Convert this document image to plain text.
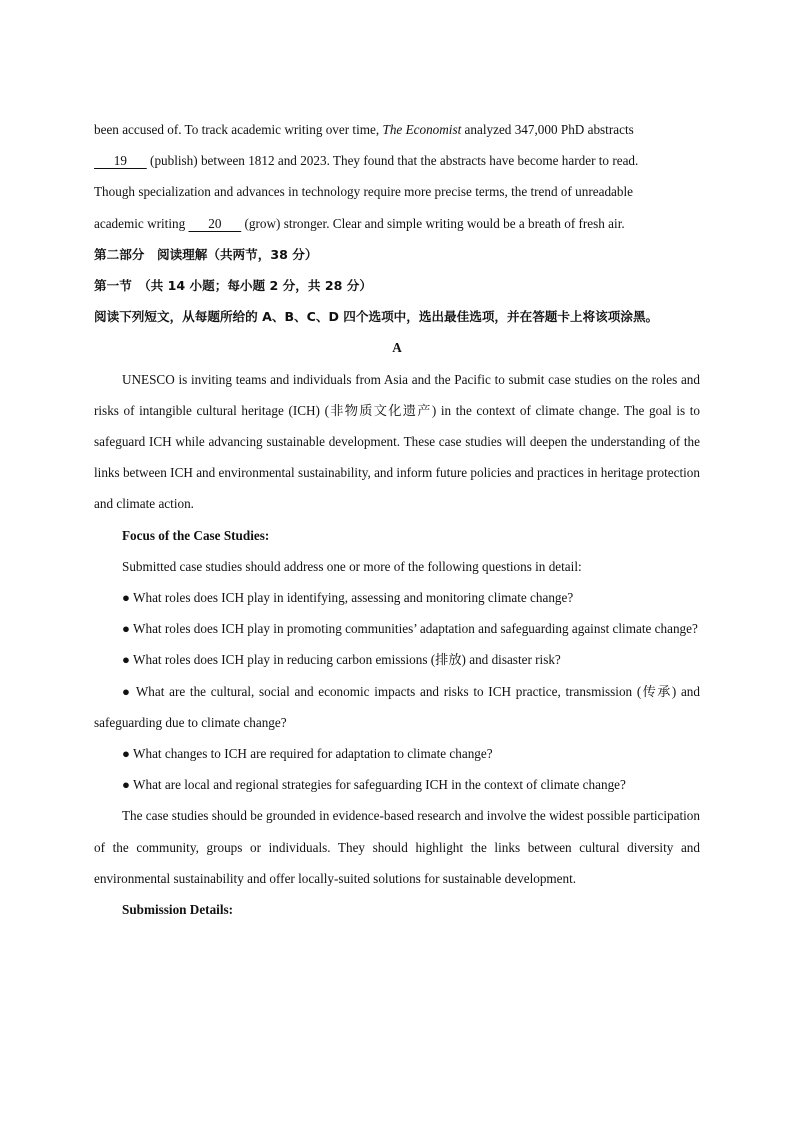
been accused of. To track academic writing over time, The Economist analyzed 347,000 PhD abstracts
19       (publish) between 1812 and 2023. They found that the abstracts have become harder to read.
Though specialization and advances in technology require more precise terms, the trend of unreadable
academic writing       20       (grow) stronger. Clear and simple writing would be a breath of fresh air.

第二部分　阅读理解（共两节，38 分）

第一节　（共 14 小题；每小题 2 分，共 28 分）

阅读下列短文，从每题所给的 A、B、C、D 四个选项中，选出最佳选项，并在答题卡上将该项涂黑。

A

UNESCO is inviting teams and individuals from Asia and the Pacific to submit case studies on the roles and risks of intangible cultural heritage (ICH) (非物质文化遗产) in the context of climate change. The goal is to safeguard ICH while advancing sustainable development. These case studies will deepen the understanding of the links between ICH and environmental sustainability, and inform future policies and practices in heritage protection and climate action.

Focus of the Case Studies:

Submitted case studies should address one or more of the following questions in detail:

● What roles does ICH play in identifying, assessing and monitoring climate change?

● What roles does ICH play in promoting communities’ adaptation and safeguarding against climate change?

● What roles does ICH play in reducing carbon emissions (排放) and disaster risk?

● What are the cultural, social and economic impacts and risks to ICH practice, transmission (传承) and safeguarding due to climate change?

● What changes to ICH are required for adaptation to climate change?

● What are local and regional strategies for safeguarding ICH in the context of climate change?

The case studies should be grounded in evidence-based research and involve the widest possible participation of the community, groups or individuals. They should highlight the links between cultural diversity and environmental sustainability and offer locally-suited solutions for sustainable development.

Submission Details:
